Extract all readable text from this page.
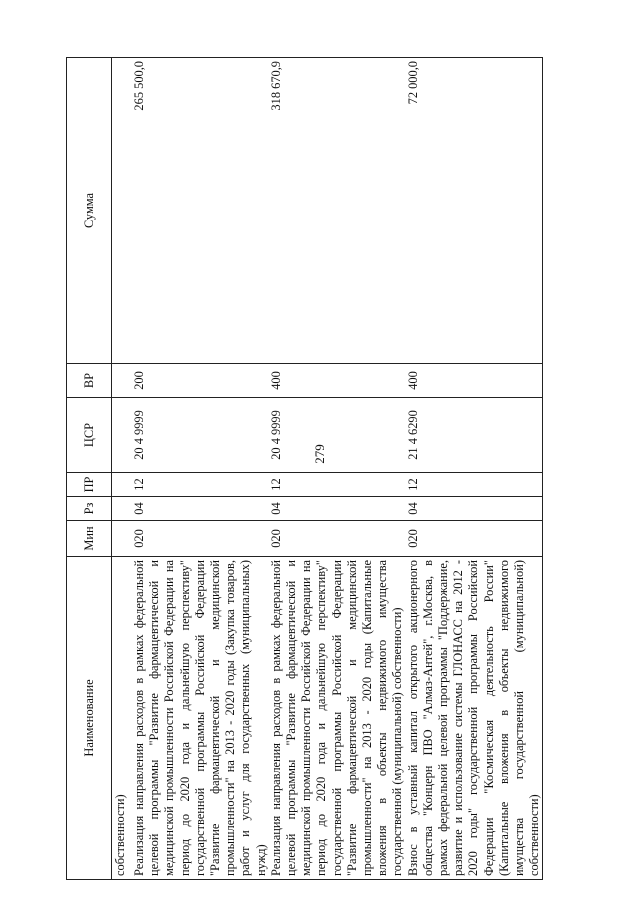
279
Наименование	Мин	Рз	ПР	ЦСР	ВР	Сумма
собственности)						
Реализация направления расходов в рамках федеральной целевой программы "Развитие фармацевтической и медицинской промышленности Российской Федерации на период до 2020 года и дальнейшую перспективу" государственной программы Российской Федерации "Развитие фармацевтической и медицинской промышленности" на 2013 - 2020 годы (Закупка товаров, работ и услуг для государственных (муниципальных) нужд)	020	04	12	20 4 9999	200	265 500,0
Реализация направления расходов в рамках федеральной целевой программы "Развитие фармацевтической и медицинской промышленности Российской Федерации на период до 2020 года и дальнейшую перспективу" государственной программы Российской Федерации "Развитие фармацевтической и медицинской промышленности" на 2013 - 2020 годы (Капитальные вложения в объекты недвижимого имущества государственной (муниципальной) собственности)	020	04	12	20 4 9999	400	318 670,9
Взнос в уставный капитал открытого акционерного общества "Концерн ПВО "Алмаз-Антей", г.Москва, в рамках федеральной целевой программы "Поддержание, развитие и использование системы ГЛОНАСС на 2012 - 2020 годы" государственной программы Российской Федерации "Космическая деятельность России" (Капитальные вложения в объекты недвижимого имущества государственной (муниципальной) собственности)	020	04	12	21 4 6290	400	72 000,0
